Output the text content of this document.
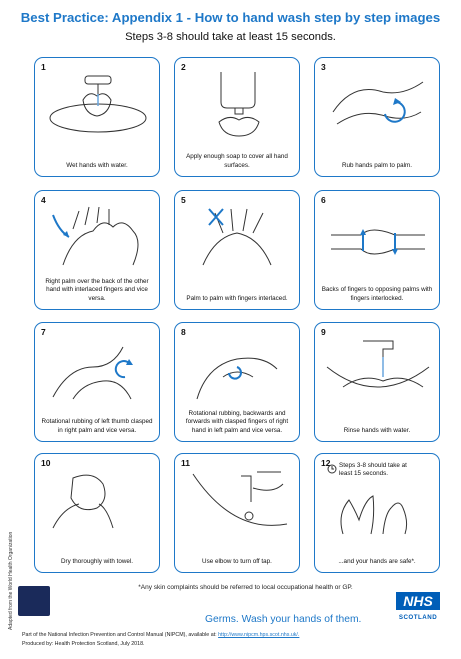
Best Practice: Appendix 1 - How to hand wash step by step images
Steps 3-8 should take at least 15 seconds.
1
Wet hands with water.
2
Apply enough soap to cover all hand surfaces.
3
Rub hands palm to palm.
4
Right palm over the back of the other hand with interlaced fingers and vice versa.
5
Palm to palm with fingers interlaced.
6
Backs of fingers to opposing palms with fingers interlocked.
7
Rotational rubbing of left thumb clasped in right palm and vice versa.
8
Rotational rubbing, backwards and forwards with clasped fingers of right hand in left palm and vice versa.
9
Rinse hands with water.
10
Dry thoroughly with towel.
11
Use elbow to turn off tap.
12 Steps 3-8 should take at least 15 seconds.
...and your hands are safe*.
Adapted from the World Health Organization	*Any skin complaints should be referred to local occupational health or GP.
Germs. Wash your hands of them.
NHS
SCOTLAND
Part of the National Infection Prevention and Control Manual (NIPCM), available at: http://www.nipcm.hps.scot.nhs.uk/.
Produced by: Health Protection Scotland, July 2018.
